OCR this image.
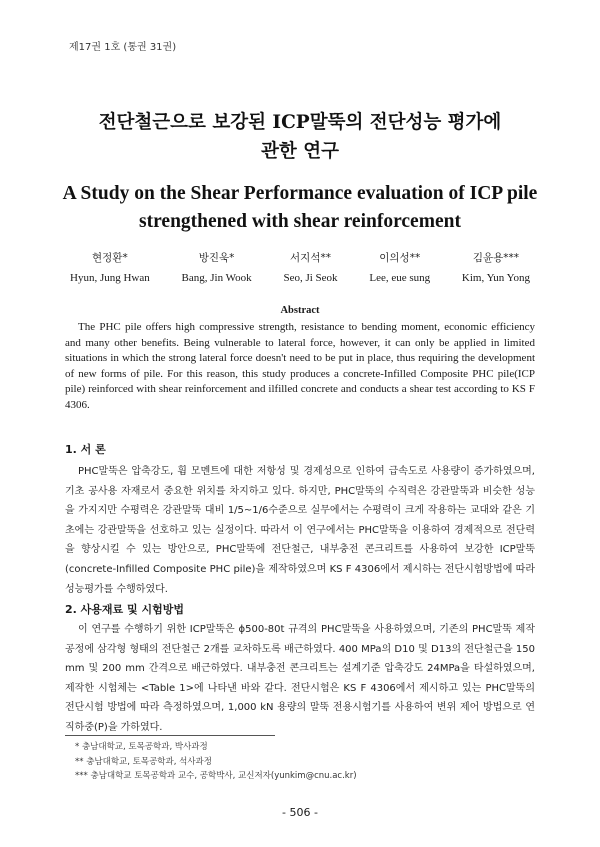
제17권 1호 (통권 31권)
전단철근으로 보강된 ICP말뚝의 전단성능 평가에
관한 연구
A Study on the Shear Performance evaluation of ICP pile
strengthened with shear reinforcement
현정환*
Hyun, Jung Hwan
방진욱*
Bang, Jin Wook
서지석**
Seo, Ji Seok
이의성**
Lee, eue sung
김윤용***
Kim, Yun Yong
Abstract
The PHC pile offers high compressive strength, resistance to bending moment, economic efficiency and many other benefits. Being vulnerable to lateral force, however, it can only be applied in limited situations in which the strong lateral force doesn't need to be put in place, thus requiring the development of new forms of pile. For this reason, this study produces a concrete-Infilled Composite PHC pile(ICP pile) reinforced with shear reinforcement and ilfilled concrete and conducts a shear test according to KS F 4306.
1. 서 론
PHC말뚝은 압축강도, 휨 모멘트에 대한 저항성 및 경제성으로 인하여 급속도로 사용량이 증가하였으며, 기초 공사용 자재로서 중요한 위치를 차지하고 있다. 하지만, PHC말뚝의 수직력은 강관말뚝과 비슷한 성능을 가지지만 수평력은 강관말뚝 대비 1/5~1/6수준으로 실무에서는 수평력이 크게 작용하는 교대와 같은 기초에는 강관말뚝을 선호하고 있는 실정이다. 따라서 이 연구에서는 PHC말뚝을 이용하여 경제적으로 전단력을 향상시킬 수 있는 방안으로, PHC말뚝에 전단철근, 내부충전 콘크리트를 사용하여 보강한 ICP말뚝(concrete-Infilled Composite PHC pile)을 제작하였으며 KS F 4306에서 제시하는 전단시험방법에 따라 성능평가를 수행하였다.
2. 사용재료 및 시험방법
이 연구를 수행하기 위한 ICP말뚝은 ϕ500-80t 규격의 PHC말뚝을 사용하였으며, 기존의 PHC말뚝 제작 공정에 삼각형 형태의 전단철근 2개를 교차하도록 배근하였다. 400 MPa의 D10 및 D13의 전단철근을 150 mm 및 200 mm 간격으로 배근하였다. 내부충전 콘크리트는 설계기준 압축강도 24MPa을 타설하였으며, 제작한 시험체는 <Table 1>에 나타낸 바와 같다. 전단시험은 KS F 4306에서 제시하고 있는 PHC말뚝의 전단시험 방법에 따라 측정하였으며, 1,000 kN 용량의 말뚝 전용시험기를 사용하여 변위 제어 방법으로 연직하중(P)을 가하였다.
* 충남대학교, 토목공학과, 박사과정
** 충남대학교, 토목공학과, 석사과정
*** 충남대학교 토목공학과 교수, 공학박사, 교신저자(yunkim@cnu.ac.kr)
- 506 -
